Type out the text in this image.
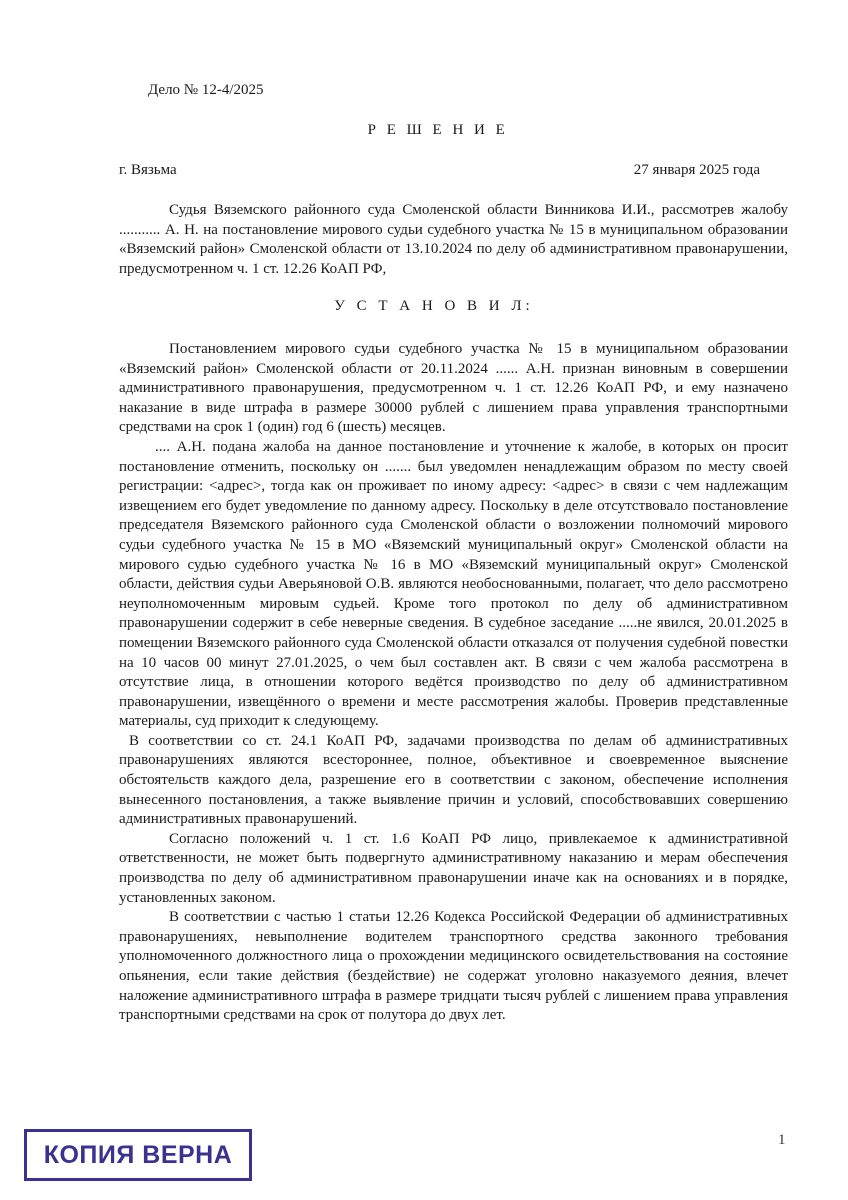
Дело № 12-4/2025
Р Е Ш Е Н И Е
г. Вязьма	27 января 2025 года

Судья Вяземского районного суда Смоленской области Винникова И.И., рассмотрев жалобу ........... А. Н. на постановление мирового судьи судебного участка № 15 в муниципальном образовании «Вяземский район» Смоленской области от 13.10.2024 по делу об административном правонарушении, предусмотренном ч. 1 ст. 12.26 КоАП РФ,

У С Т А Н О В И Л:

Постановлением мирового судьи судебного участка № 15 в муниципальном образовании «Вяземский район» Смоленской области от 20.11.2024 ...... А.Н. признан виновным в совершении административного правонарушения, предусмотренном ч. 1 ст. 12.26 КоАП РФ, и ему назначено наказание в виде штрафа в размере 30000 рублей с лишением права управления транспортными средствами на срок 1 (один) год 6 (шесть) месяцев.

.... А.Н. подана жалоба на данное постановление и уточнение к жалобе, в которых он просит постановление отменить, поскольку он ....... был уведомлен ненадлежащим образом по месту своей регистрации: <адрес>, тогда как он проживает по иному адресу: <адрес> в связи с чем надлежащим извещением его будет уведомление по данному адресу. Поскольку в деле отсутствовало постановление председателя Вяземского районного суда Смоленской области о возложении полномочий мирового судьи судебного участка № 15 в МО «Вяземский муниципальный округ» Смоленской области на мирового судью судебного участка № 16 в МО «Вяземский муниципальный округ» Смоленской области, действия судьи Аверьяновой О.В. являются необоснованными, полагает, что дело рассмотрено неуполномоченным мировым судьей. Кроме того протокол по делу об административном правонарушении содержит в себе неверные сведения. В судебное заседание .....не явился, 20.01.2025 в помещении Вяземского районного суда Смоленской области отказался от получения судебной повестки на 10 часов 00 минут 27.01.2025, о чем был составлен акт. В связи с чем жалоба рассмотрена в отсутствие лица, в отношении которого ведётся производство по делу об административном правонарушении, извещённого о времени и месте рассмотрения жалобы. Проверив представленные материалы, суд приходит к следующему.

В соответствии со ст. 24.1 КоАП РФ, задачами производства по делам об административных правонарушениях являются всестороннее, полное, объективное и своевременное выяснение обстоятельств каждого дела, разрешение его в соответствии с законом, обеспечение исполнения вынесенного постановления, а также выявление причин и условий, способствовавших совершению административных правонарушений.

Согласно положений ч. 1 ст. 1.6 КоАП РФ лицо, привлекаемое к административной ответственности, не может быть подвергнуто административному наказанию и мерам обеспечения производства по делу об административном правонарушении иначе как на основаниях и в порядке, установленных законом.

В соответствии с частью 1 статьи 12.26 Кодекса Российской Федерации об административных правонарушениях, невыполнение водителем транспортного средства законного требования уполномоченного должностного лица о прохождении медицинского освидетельствования на состояние опьянения, если такие действия (бездействие) не содержат уголовно наказуемого деяния, влечет наложение административного штрафа в размере тридцати тысяч рублей с лишением права управления транспортными средствами на срок от полутора до двух лет.

1
КОПИЯ ВЕРНА
